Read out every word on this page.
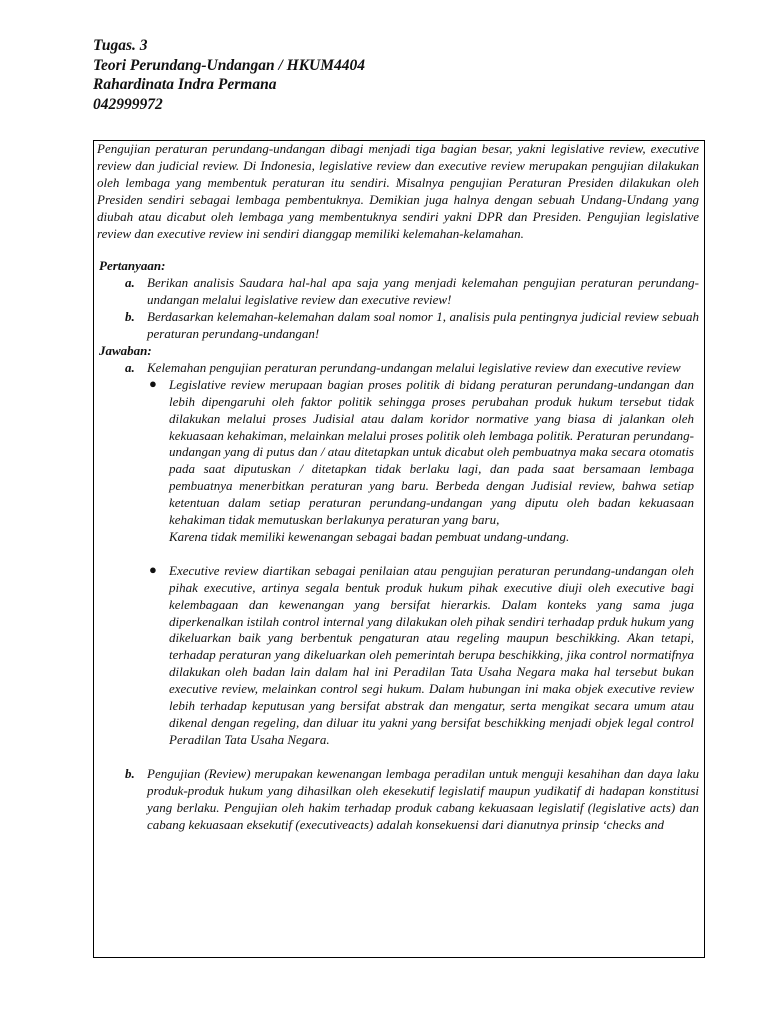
Tugas. 3
Teori Perundang-Undangan / HKUM4404
Rahardinata Indra Permana
042999972

Pengujian peraturan perundang-undangan dibagi menjadi tiga bagian besar, yakni legislative review, executive review dan judicial review. Di Indonesia, legislative review dan executive review merupakan pengujian dilakukan oleh lembaga yang membentuk peraturan itu sendiri. Misalnya pengujian Peraturan Presiden dilakukan oleh Presiden sendiri sebagai lembaga pembentuknya. Demikian juga halnya dengan sebuah Undang-Undang yang diubah atau dicabut oleh lembaga yang membentuknya sendiri yakni DPR dan Presiden. Pengujian legislative review dan executive review ini sendiri dianggap memiliki kelemahan-kelamahan.

Pertanyaan:
a. Berikan analisis Saudara hal-hal apa saja yang menjadi kelemahan pengujian peraturan perundang-undangan melalui legislative review dan executive review!
b. Berdasarkan kelemahan-kelemahan dalam soal nomor 1, analisis pula pentingnya judicial review sebuah peraturan perundang-undangan!
Jawaban:
a. Kelemahan pengujian peraturan perundang-undangan melalui legislative review dan executive review
● Legislative review merupaan bagian proses politik di bidang peraturan perundang-undangan dan lebih dipengaruhi oleh faktor politik sehingga proses perubahan produk hukum tersebut tidak dilakukan melalui proses Judisial atau dalam koridor normative yang biasa di jalankan oleh kekuasaan kehakiman, melainkan melalui proses politik oleh lembaga politik. Peraturan perundang-undangan yang di putus dan / atau ditetapkan untuk dicabut oleh pembuatnya maka secara otomatis pada saat diputuskan / ditetapkan tidak berlaku lagi, dan pada saat bersamaan lembaga pembuatnya menerbitkan peraturan yang baru. Berbeda dengan Judisial review, bahwa setiap ketentuan dalam setiap peraturan perundang-undangan yang diputu oleh badan kekuasaan kehakiman tidak memutuskan berlakunya peraturan yang baru,
Karena tidak memiliki kewenangan sebagai badan pembuat undang-undang.
● Executive review diartikan sebagai penilaian atau pengujian peraturan perundang-undangan oleh pihak executive, artinya segala bentuk produk hukum pihak executive diuji oleh executive bagi kelembagaan dan kewenangan yang bersifat hierarkis. Dalam konteks yang sama juga diperkenalkan istilah control internal yang dilakukan oleh pihak sendiri terhadap prduk hukum yang dikeluarkan baik yang berbentuk pengaturan atau regeling maupun beschikking. Akan tetapi, terhadap peraturan yang dikeluarkan oleh pemerintah berupa beschikking, jika control normatifnya dilakukan oleh badan lain dalam hal ini Peradilan Tata Usaha Negara maka hal tersebut bukan executive review, melainkan control segi hukum. Dalam hubungan ini maka objek executive review lebih terhadap keputusan yang bersifat abstrak dan mengatur, serta mengikat secara umum atau dikenal dengan regeling, dan diluar itu yakni yang bersifat beschikking menjadi objek legal control Peradilan Tata Usaha Negara.
b. Pengujian (Review) merupakan kewenangan lembaga peradilan untuk menguji kesahihan dan daya laku produk-produk hukum yang dihasilkan oleh ekesekutif legislatif maupun yudikatif di hadapan konstitusi yang berlaku. Pengujian oleh hakim terhadap produk cabang kekuasaan legislatif (legislative acts) dan cabang kekuasaan eksekutif (executiveacts) adalah konsekuensi dari dianutnya prinsip ‘checks and
